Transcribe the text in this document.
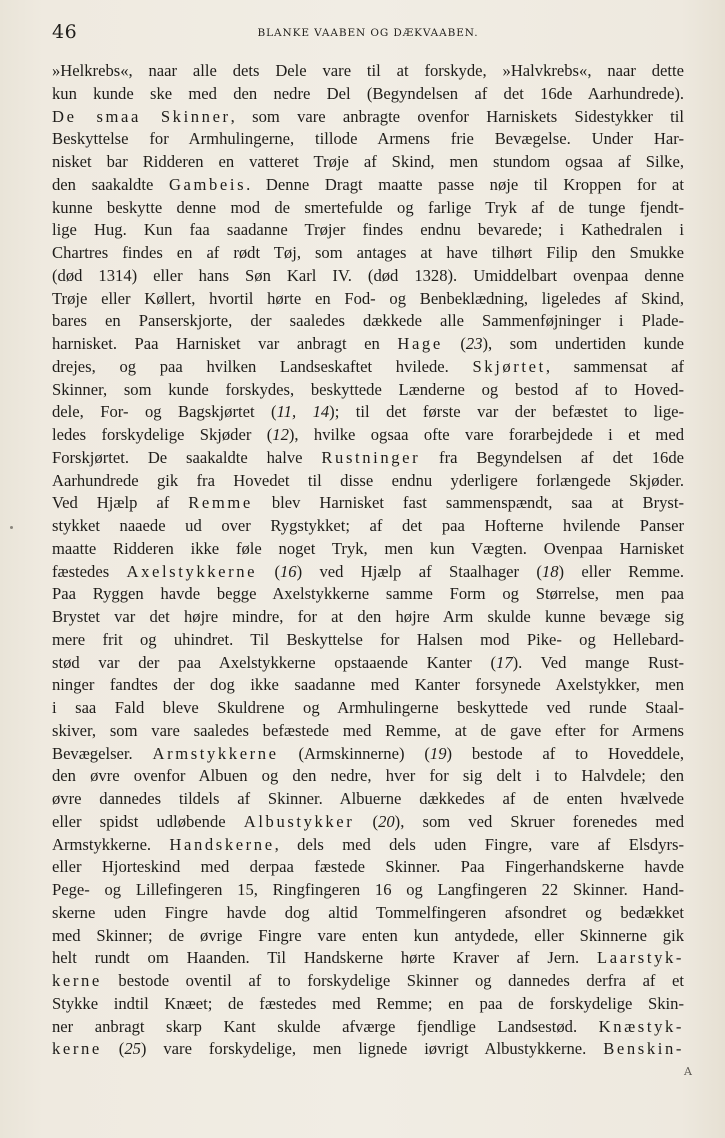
46	BLANKE VAABEN OG DÆKVAABEN.
»Helkrebs«, naar alle dets Dele vare til at forskyde, »Halvkrebs«, naar dette
kun kunde ske med den nedre Del (Begyndelsen af det 16de Aarhundrede).
De smaa Skinner, som vare anbragte ovenfor Harniskets Sidestykker til
Beskyttelse for Armhulingerne, tillode Armens frie Bevægelse. Under Har-
nisket bar Ridderen en vatteret Trøje af Skind, men stundom ogsaa af Silke,
den saakaldte Gambeis. Denne Dragt maatte passe nøje til Kroppen for at
kunne beskytte denne mod de smertefulde og farlige Tryk af de tunge fjendt-
lige Hug. Kun faa saadanne Trøjer findes endnu bevarede; i Kathedralen i
Chartres findes en af rødt Tøj, som antages at have tilhørt Filip den Smukke
(død 1314) eller hans Søn Karl IV. (død 1328). Umiddelbart ovenpaa denne
Trøje eller Køllert, hvortil hørte en Fod- og Benbeklædning, ligeledes af Skind,
bares en Panserskjorte, der saaledes dækkede alle Sammenføjninger i Plade-
harnisket. Paa Harnisket var anbragt en Hage (23), som undertiden kunde
drejes, og paa hvilken Landseskaftet hvilede. Skjørtet, sammensat af
Skinner, som kunde forskydes, beskyttede Lænderne og bestod af to Hoved-
dele, For- og Bagskjørtet (11, 14); til det første var der befæstet to lige-
ledes forskydelige Skjøder (12), hvilke ogsaa ofte vare forarbejdede i et med
Forskjørtet. De saakaldte halve Rustninger fra Begyndelsen af det 16de
Aarhundrede gik fra Hovedet til disse endnu yderligere forlængede Skjøder.
Ved Hjælp af Remme blev Harnisket fast sammenspændt, saa at Bryst-
stykket naaede ud over Rygstykket; af det paa Hofterne hvilende Panser
maatte Ridderen ikke føle noget Tryk, men kun Vægten. Ovenpaa Harnisket
fæstedes Axelstykkerne (16) ved Hjælp af Staalhager (18) eller Remme.
Paa Ryggen havde begge Axelstykkerne samme Form og Størrelse, men paa
Brystet var det højre mindre, for at den højre Arm skulde kunne bevæge sig
mere frit og uhindret. Til Beskyttelse for Halsen mod Pike- og Hellebard-
stød var der paa Axelstykkerne opstaaende Kanter (17). Ved mange Rust-
ninger fandtes der dog ikke saadanne med Kanter forsynede Axelstykker, men
i saa Fald bleve Skuldrene og Armhulingerne beskyttede ved runde Staal-
skiver, som vare saaledes befæstede med Remme, at de gave efter for Armens
Bevægelser. Armstykkerne (Armskinnerne) (19) bestode af to Hoveddele,
den øvre ovenfor Albuen og den nedre, hver for sig delt i to Halvdele; den
øvre dannedes tildels af Skinner. Albuerne dækkedes af de enten hvælvede
eller spidst udløbende Albustykker (20), som ved Skruer forenedes med
Armstykkerne. Handskerne, dels med dels uden Fingre, vare af Elsdyrs-
eller Hjorteskind med derpaa fæstede Skinner. Paa Fingerhandskerne havde
Pege- og Lillefingeren 15, Ringfingeren 16 og Langfingeren 22 Skinner. Hand-
skerne uden Fingre havde dog altid Tommelfingeren afsondret og bedækket
med Skinner; de øvrige Fingre vare enten kun antydede, eller Skinnerne gik
helt rundt om Haanden. Til Handskerne hørte Kraver af Jern. Laarstyk-
kerne bestode oventil af to forskydelige Skinner og dannedes derfra af et
Stykke indtil Knæet; de fæstedes med Remme; en paa de forskydelige Skin-
ner anbragt skarp Kant skulde afværge fjendlige Landsestød. Knæstyk-
kerne (25) vare forskydelige, men lignede iøvrigt Albustykkerne. Benskin-
A
